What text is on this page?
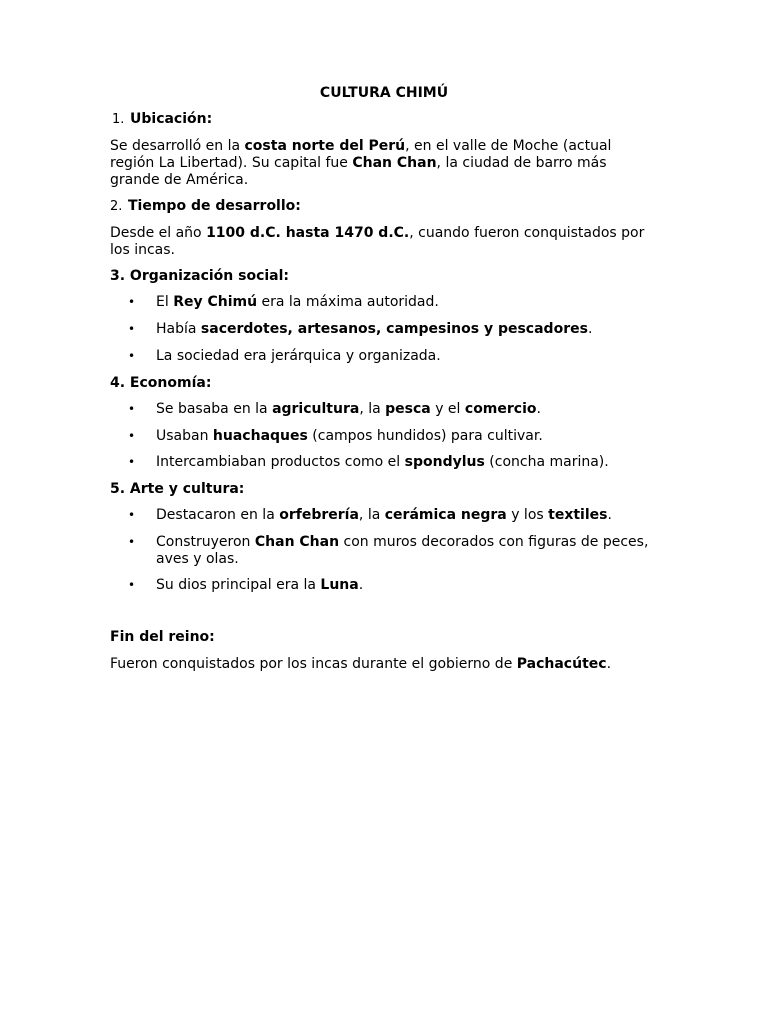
CULTURA CHIMÚ
1. Ubicación:
Se desarrolló en la costa norte del Perú, en el valle de Moche (actual
región La Libertad). Su capital fue Chan Chan, la ciudad de barro más
grande de América.
2. Tiempo de desarrollo:
Desde el año 1100 d.C. hasta 1470 d.C., cuando fueron conquistados por
los incas.
3. Organización social:
• El Rey Chimú era la máxima autoridad.
• Había sacerdotes, artesanos, campesinos y pescadores.
• La sociedad era jerárquica y organizada.
4. Economía:
• Se basaba en la agricultura, la pesca y el comercio.
• Usaban huachaques (campos hundidos) para cultivar.
• Intercambiaban productos como el spondylus (concha marina).
5. Arte y cultura:
• Destacaron en la orfebrería, la cerámica negra y los textiles.
• Construyeron Chan Chan con muros decorados con figuras de peces,
aves y olas.
• Su dios principal era la Luna.
Fin del reino:
Fueron conquistados por los incas durante el gobierno de Pachacútec.
